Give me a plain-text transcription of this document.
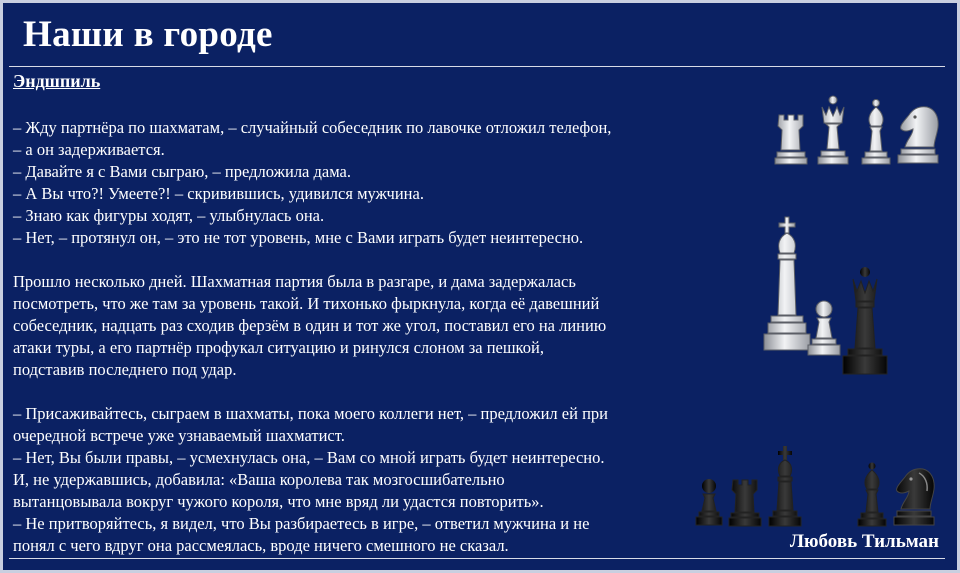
Наши в городе
Эндшпиль
– Жду партнёра по шахматам, – случайный собеседник по лавочке отложил телефон,
– а он задерживается.
– Давайте я с Вами сыграю, – предложила дама.
– А Вы что?! Умеете?! – скривившись, удивился мужчина.
– Знаю как фигуры ходят, – улыбнулась она.
– Нет, – протянул он, – это не тот уровень, мне с Вами играть будет неинтересно.
Прошло несколько дней. Шахматная партия была в разгаре, и дама задержалась
посмотреть, что же там за уровень такой. И тихонько фыркнула, когда её давешний
собеседник, надцать раз сходив ферзём в один и тот же угол, поставил его на линию
атаки туры, а его партнёр профукал ситуацию и ринулся слоном за пешкой,
подставив последнего под удар.
– Присаживайтесь, сыграем в шахматы, пока моего коллеги нет, – предложил ей при
очередной встрече уже узнаваемый шахматист.
– Нет, Вы были правы, – усмехнулась она, – Вам со мной играть будет неинтересно.
И, не удержавшись, добавила: «Ваша королева так мозгосшибательно
вытанцовывала вокруг чужого короля, что мне вряд ли удастся повторить».
– Не притворяйтесь, я видел, что Вы разбираетесь в игре, – ответил мужчина и не
понял с чего вдруг она рассмеялась, вроде ничего смешного не сказал.	Любовь Тильман
